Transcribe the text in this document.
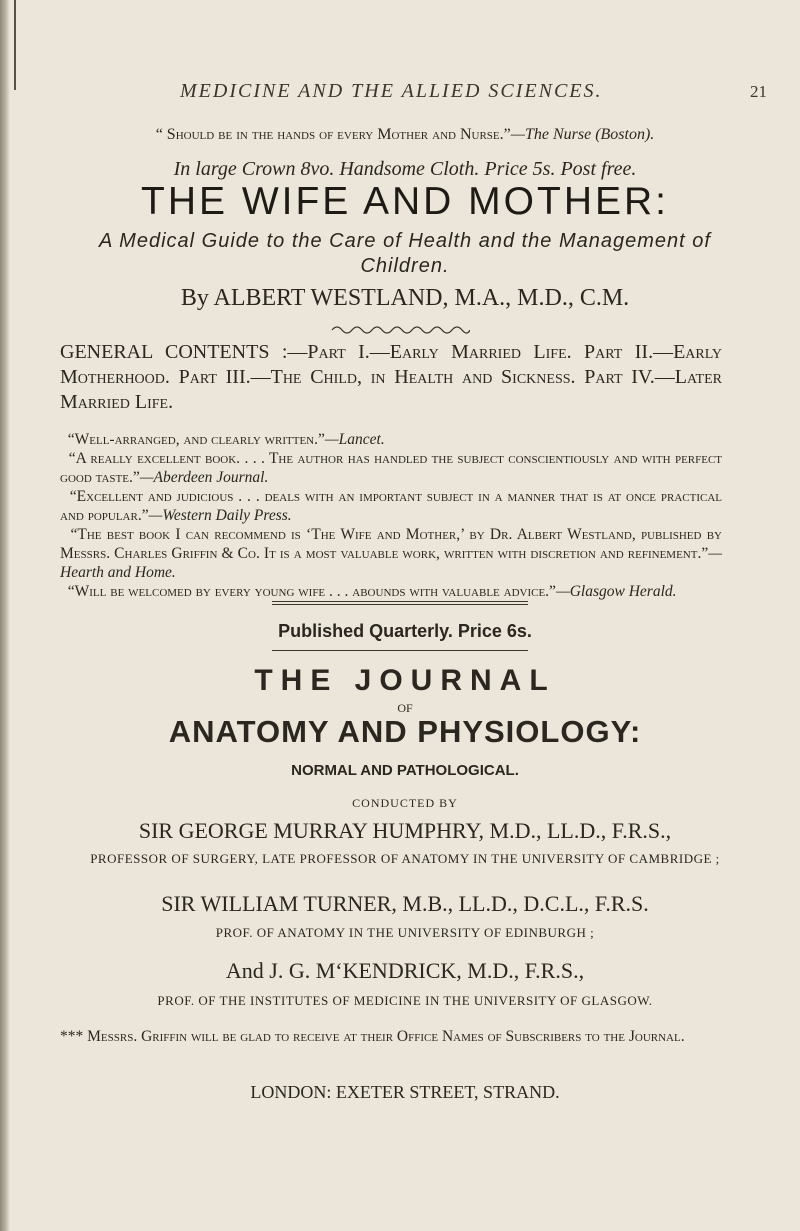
MEDICINE AND THE ALLIED SCIENCES.	21
“ Should be in the hands of every Mother and Nurse.”—The Nurse (Boston).
In large Crown 8vo. Handsome Cloth. Price 5s. Post free.
THE WIFE AND MOTHER:
A Medical Guide to the Care of Health and the Management of Children.
By ALBERT WESTLAND, M.A., M.D., C.M.
GENERAL CONTENTS :—Part I.—Early Married Life. Part II.—Early Motherhood. Part III.—The Child, in Health and Sickness. Part IV.—Later Married Life.
“Well-arranged, and clearly written.”—Lancet.
“A really excellent book. . . . The author has handled the subject conscientiously and with perfect good taste.”—Aberdeen Journal.
“Excellent and judicious . . . deals with an important subject in a manner that is at once practical and popular.”—Western Daily Press.
“The best book I can recommend is ‘The Wife and Mother,’ by Dr. Albert Westland, published by Messrs. Charles Griffin & Co. It is a most valuable work, written with discretion and refinement.”—Hearth and Home.
“Will be welcomed by every young wife . . . abounds with valuable advice.”—Glasgow Herald.
Published Quarterly. Price 6s.
THE JOURNAL
OF
ANATOMY AND PHYSIOLOGY:
NORMAL AND PATHOLOGICAL.
CONDUCTED BY
SIR GEORGE MURRAY HUMPHRY, M.D., LL.D., F.R.S.,
PROFESSOR OF SURGERY, LATE PROFESSOR OF ANATOMY IN THE UNIVERSITY OF CAMBRIDGE ;
SIR WILLIAM TURNER, M.B., LL.D., D.C.L., F.R.S.
PROF. OF ANATOMY IN THE UNIVERSITY OF EDINBURGH ;
And J. G. M‘KENDRICK, M.D., F.R.S.,
PROF. OF THE INSTITUTES OF MEDICINE IN THE UNIVERSITY OF GLASGOW.
*** Messrs. Griffin will be glad to receive at their Office Names of Subscribers to the Journal.
LONDON: EXETER STREET, STRAND.
